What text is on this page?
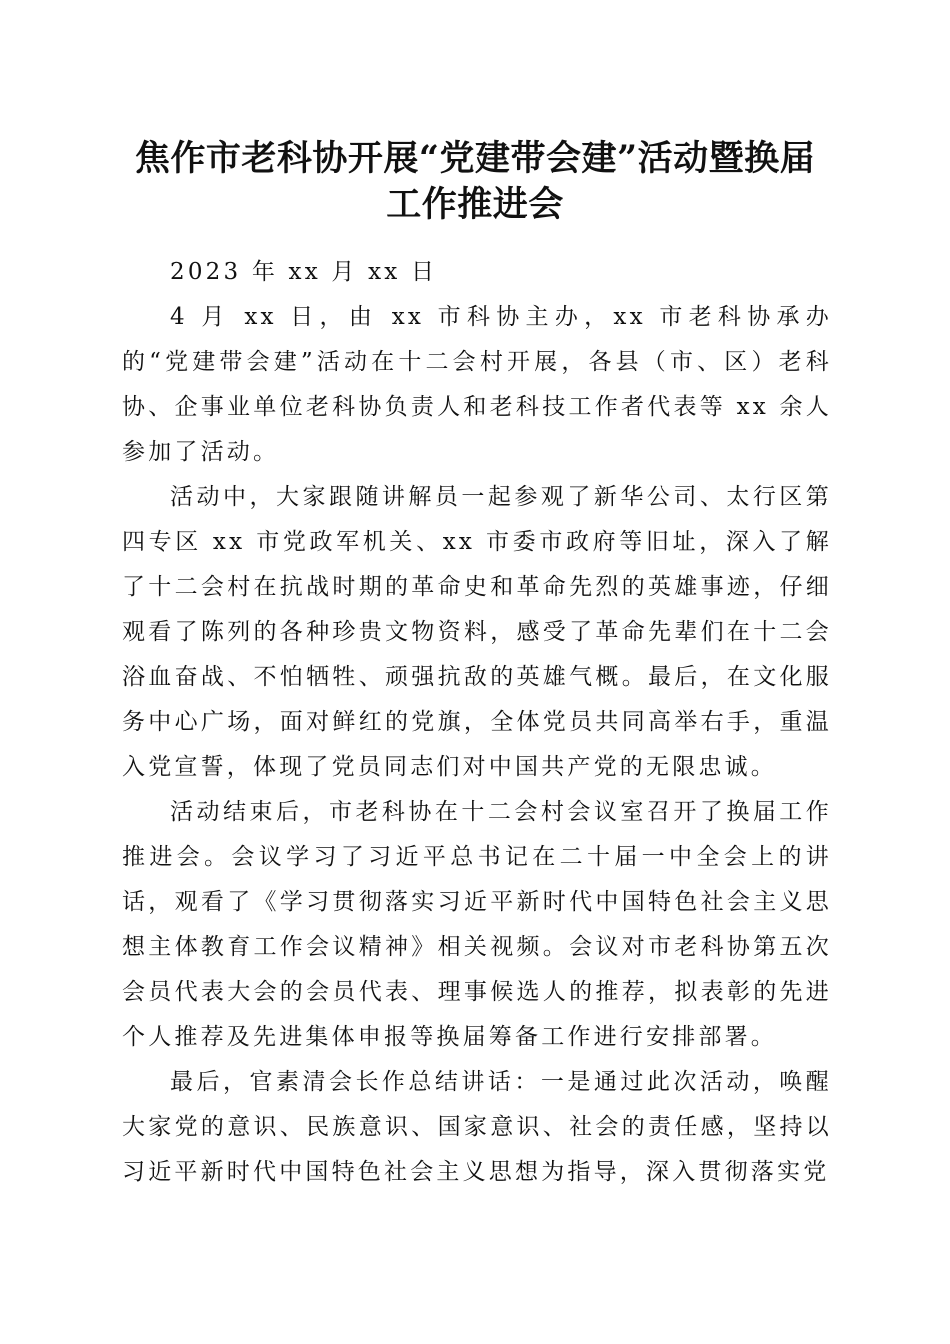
焦作市老科协开展“党建带会建”活动暨换届
工作推进会

2023 年 xx 月 xx 日

4 月 xx 日，由 xx 市科协主办，xx 市老科协承办的“党建带会建”活动在十二会村开展，各县（市、区）老科协、企事业单位老科协负责人和老科技工作者代表等 xx 余人参加了活动。

活动中，大家跟随讲解员一起参观了新华公司、太行区第四专区 xx 市党政军机关、xx 市委市政府等旧址，深入了解了十二会村在抗战时期的革命史和革命先烈的英雄事迹，仔细观看了陈列的各种珍贵文物资料，感受了革命先辈们在十二会浴血奋战、不怕牺牲、顽强抗敌的英雄气概。最后，在文化服务中心广场，面对鲜红的党旗，全体党员共同高举右手，重温入党宣誓，体现了党员同志们对中国共产党的无限忠诚。

活动结束后，市老科协在十二会村会议室召开了换届工作推进会。会议学习了习近平总书记在二十届一中全会上的讲话，观看了《学习贯彻落实习近平新时代中国特色社会主义思想主体教育工作会议精神》相关视频。会议对市老科协第五次会员代表大会的会员代表、理事候选人的推荐，拟表彰的先进个人推荐及先进集体申报等换届筹备工作进行安排部署。

最后，官素清会长作总结讲话：一是通过此次活动，唤醒大家党的意识、民族意识、国家意识、社会的责任感，坚持以习近平新时代中国特色社会主义思想为指导，深入贯彻落实党
